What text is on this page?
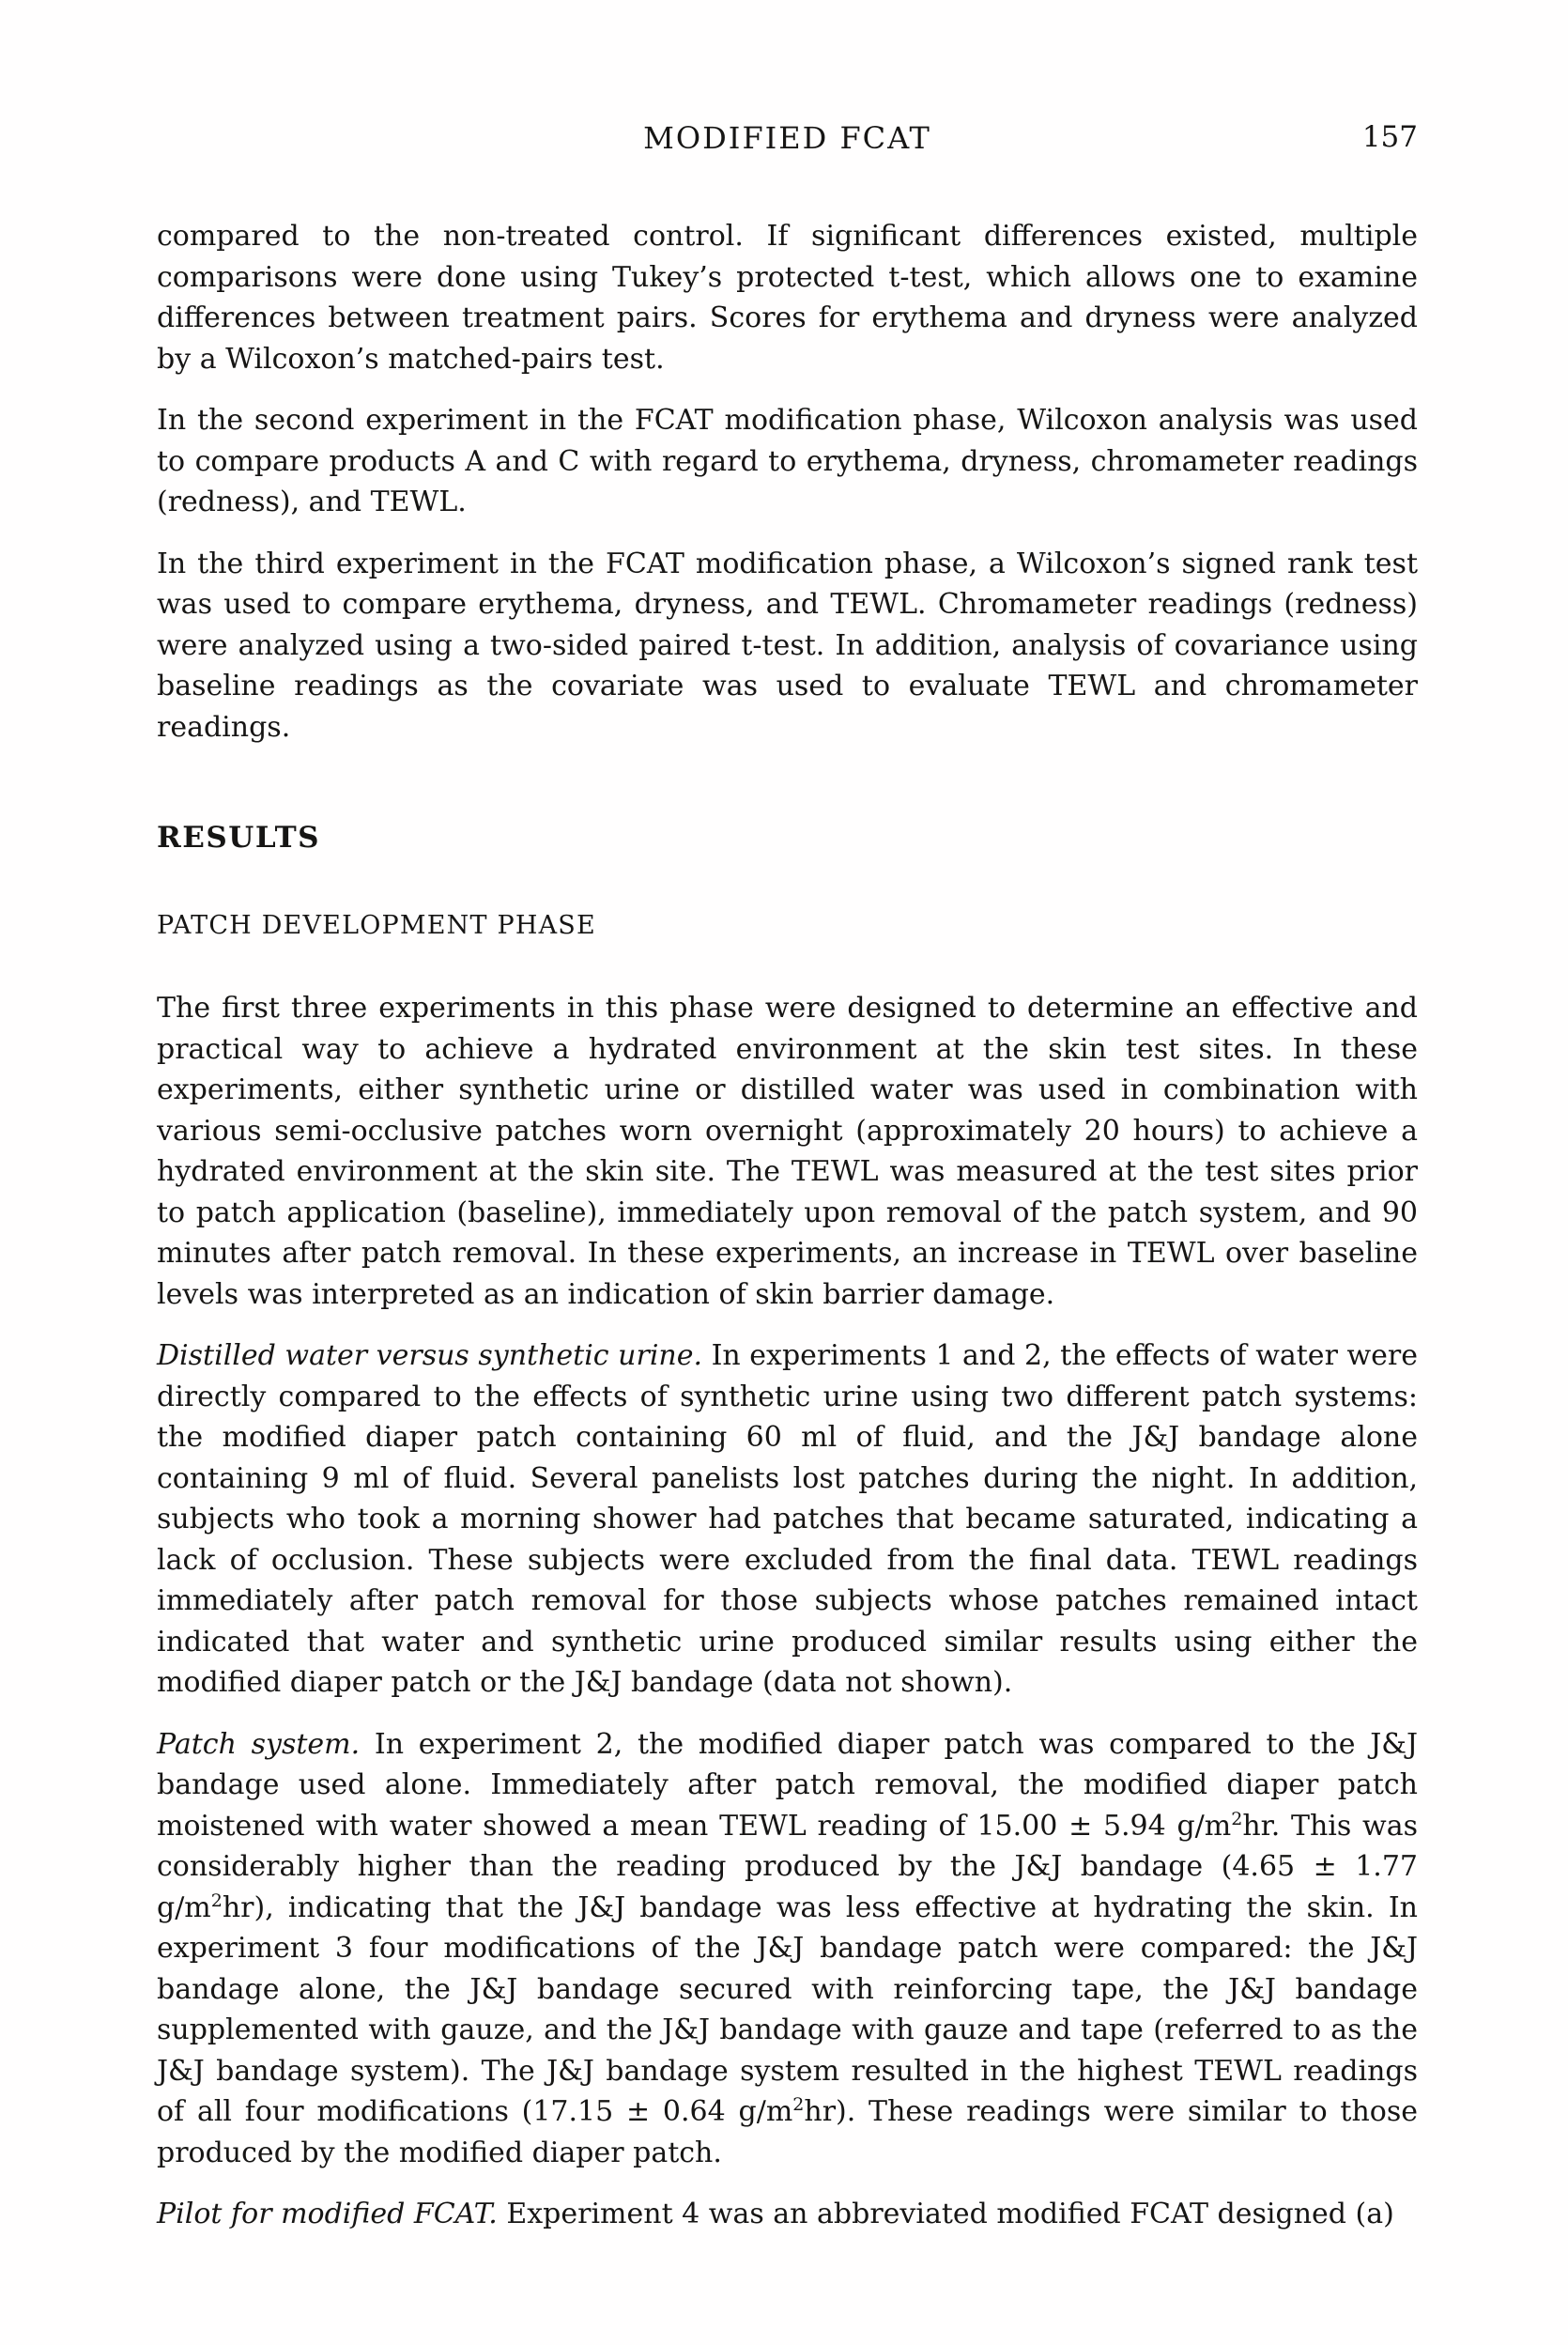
MODIFIED FCAT	157

compared to the non-treated control. If significant differences existed, multiple comparisons were done using Tukey’s protected t-test, which allows one to examine differences between treatment pairs. Scores for erythema and dryness were analyzed by a Wilcoxon’s matched-pairs test.

In the second experiment in the FCAT modification phase, Wilcoxon analysis was used to compare products A and C with regard to erythema, dryness, chromameter readings (redness), and TEWL.

In the third experiment in the FCAT modification phase, a Wilcoxon’s signed rank test was used to compare erythema, dryness, and TEWL. Chromameter readings (redness) were analyzed using a two-sided paired t-test. In addition, analysis of covariance using baseline readings as the covariate was used to evaluate TEWL and chromameter readings.

RESULTS
PATCH DEVELOPMENT PHASE

The first three experiments in this phase were designed to determine an effective and practical way to achieve a hydrated environment at the skin test sites. In these experiments, either synthetic urine or distilled water was used in combination with various semi-occlusive patches worn overnight (approximately 20 hours) to achieve a hydrated environment at the skin site. The TEWL was measured at the test sites prior to patch application (baseline), immediately upon removal of the patch system, and 90 minutes after patch removal. In these experiments, an increase in TEWL over baseline levels was interpreted as an indication of skin barrier damage.

Distilled water versus synthetic urine. In experiments 1 and 2, the effects of water were directly compared to the effects of synthetic urine using two different patch systems: the modified diaper patch containing 60 ml of fluid, and the J&J bandage alone containing 9 ml of fluid. Several panelists lost patches during the night. In addition, subjects who took a morning shower had patches that became saturated, indicating a lack of occlusion. These subjects were excluded from the final data. TEWL readings immediately after patch removal for those subjects whose patches remained intact indicated that water and synthetic urine produced similar results using either the modified diaper patch or the J&J bandage (data not shown).

Patch system. In experiment 2, the modified diaper patch was compared to the J&J bandage used alone. Immediately after patch removal, the modified diaper patch moistened with water showed a mean TEWL reading of 15.00 ± 5.94 $g/m^2hr$. This was considerably higher than the reading produced by the J&J bandage (4.65 ± 1.77 $g/m^2hr$), indicating that the J&J bandage was less effective at hydrating the skin. In experiment 3 four modifications of the J&J bandage patch were compared: the J&J bandage alone, the J&J bandage secured with reinforcing tape, the J&J bandage supplemented with gauze, and the J&J bandage with gauze and tape (referred to as the J&J bandage system). The J&J bandage system resulted in the highest TEWL readings of all four modifications (17.15 ± 0.64 $g/m^2hr$). These readings were similar to those produced by the modified diaper patch.

Pilot for modified FCAT. Experiment 4 was an abbreviated modified FCAT designed (a)
